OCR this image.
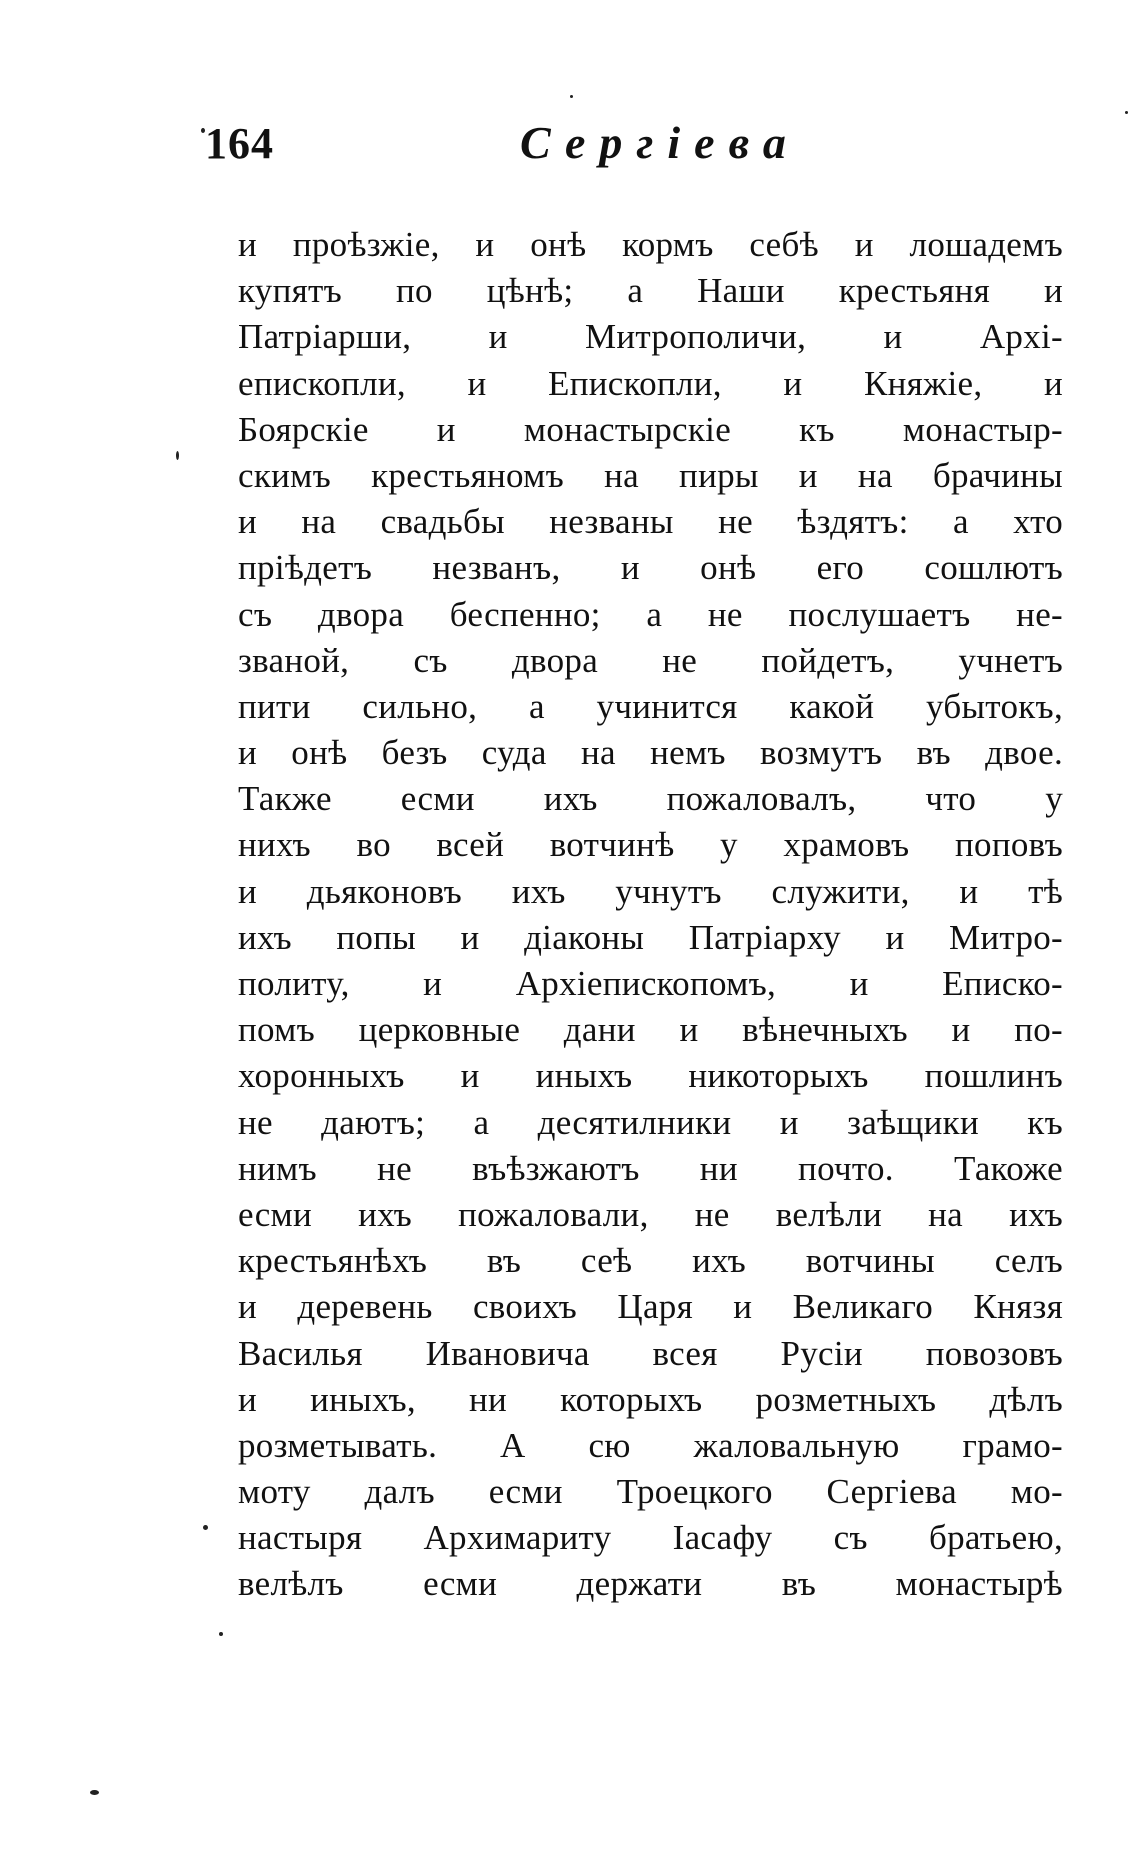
164	Сергіева
и проѣзжіе, и онѣ кормъ себѣ и лошадемъ
купятъ по цѣнѣ; а Наши крестьяня и
Патріарши, и Митрополичи, и Архі-
епископли, и Епископли, и Княжіе, и
Боярскіе и монастырскіе къ монастыр-
скимъ крестьяномъ на пиры и на брачины
и на свадьбы незваны не ѣздятъ: а хто
пріѣдетъ незванъ, и онѣ его сошлютъ
съ двора беспенно; а не послушаетъ не-
званой, съ двора не пойдетъ, учнетъ
пити сильно, а учинится какой убытокъ,
и онѣ безъ суда на немъ возмутъ въ двое.
Также есми ихъ пожаловалъ, что у
нихъ во всей вотчинѣ у храмовъ поповъ
и дьяконовъ ихъ учнутъ служити, и тѣ
ихъ попы и діаконы Патріарху и Митро-
политу, и Архіепископомъ, и Еписко-
помъ церковные дани и вѣнечныхъ и по-
хоронныхъ и иныхъ никоторыхъ пошлинъ
не даютъ; а десятилники и заѣщики къ
нимъ не въѣзжаютъ ни почто. Такоже
есми ихъ пожаловали, не велѣли на ихъ
крестьянѣхъ въ сеѣ ихъ вотчины селъ
и деревень своихъ Царя и Великаго Князя
Василья Ивановича всея Русіи повозовъ
и иныхъ, ни которыхъ розметныхъ дѣлъ
розметывать. А сю жаловальную грамо-
моту далъ есми Троецкого Сергіева мо-
настыря Архимариту Іасафу съ братьею,
велѣлъ есми держати въ монастырѣ
